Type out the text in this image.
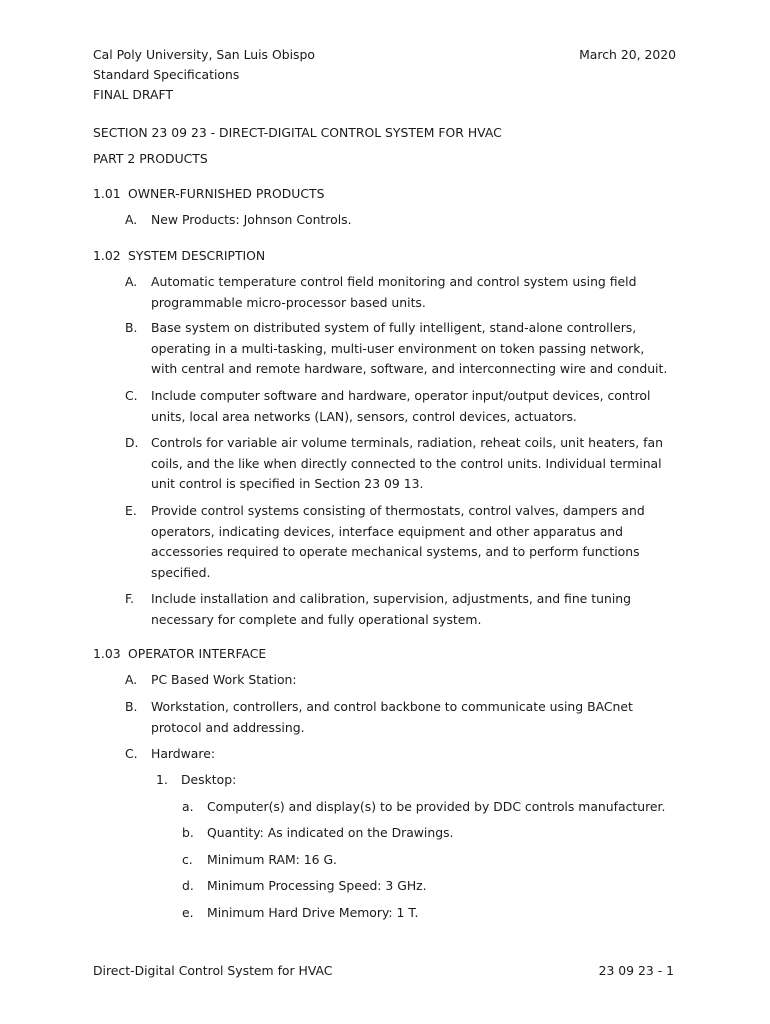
Cal Poly University, San Luis Obispo	March 20, 2020
Standard Specifications
FINAL DRAFT
SECTION 23 09 23 - DIRECT-DIGITAL CONTROL SYSTEM FOR HVAC
PART 2 PRODUCTS
1.01 OWNER-FURNISHED PRODUCTS
A.	New Products: Johnson Controls.
1.02 SYSTEM DESCRIPTION
A.	Automatic temperature control field monitoring and control system using field
programmable micro-processor based units.
B.	Base system on distributed system of fully intelligent, stand-alone controllers,
operating in a multi-tasking, multi-user environment on token passing network,
with central and remote hardware, software, and interconnecting wire and conduit.
C.	Include computer software and hardware, operator input/output devices, control
units, local area networks (LAN), sensors, control devices, actuators.
D.	Controls for variable air volume terminals, radiation, reheat coils, unit heaters, fan
coils, and the like when directly connected to the control units. Individual terminal
unit control is specified in Section 23 09 13.
E.	Provide control systems consisting of thermostats, control valves, dampers and
operators, indicating devices, interface equipment and other apparatus and
accessories required to operate mechanical systems, and to perform functions
specified.
F.	Include installation and calibration, supervision, adjustments, and fine tuning
necessary for complete and fully operational system.
1.03 OPERATOR INTERFACE
A.	PC Based Work Station:
B.	Workstation, controllers, and control backbone to communicate using BACnet
protocol and addressing.
C.	Hardware:
1.	Desktop:
a.	Computer(s) and display(s) to be provided by DDC controls manufacturer.
b.	Quantity: As indicated on the Drawings.
c.	Minimum RAM: 16 G.
d.	Minimum Processing Speed: 3 GHz.
e.	Minimum Hard Drive Memory: 1 T.
Direct-Digital Control System for HVAC	23 09 23 - 1
